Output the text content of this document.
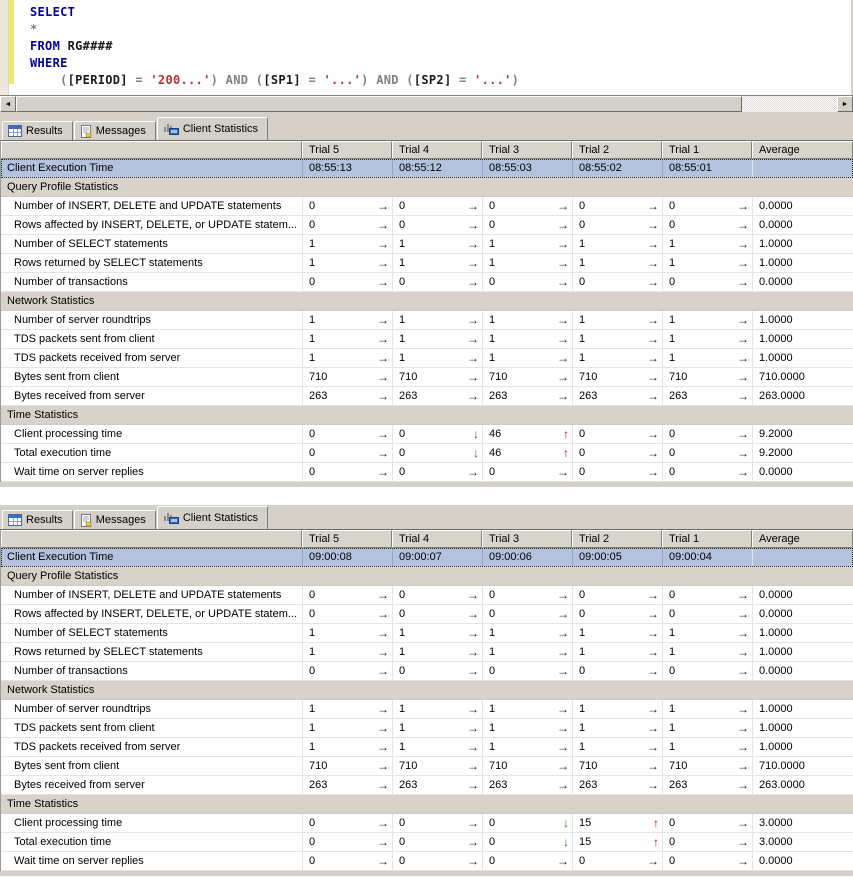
SELECT
*
FROM RG####
WHERE
([PERIOD] = '200...') AND ([SP1] = '...') AND ([SP2] = '...')
◄	►
Results	Messages	Client Statistics
Trial 5	Trial 4	Trial 3	Trial 2	Trial 1	Average
Client Execution Time	08:55:13	08:55:12	08:55:03	08:55:02	08:55:01
Query Profile Statistics
Number of INSERT, DELETE and UPDATE statements	0	→ 0	→ 0	→ 0	→ 0	→ 0.0000
Rows affected by INSERT, DELETE, or UPDATE statem...	0	→ 0	→ 0	→ 0	→ 0	→ 0.0000
Number of SELECT statements	1	→ 1	→ 1	→ 1	→ 1	→ 1.0000
Rows returned by SELECT statements	1	→ 1	→ 1	→ 1	→ 1	→ 1.0000
Number of transactions	0	→ 0	→ 0	→ 0	→ 0	→ 0.0000
Network Statistics
Number of server roundtrips	1	→ 1	→ 1	→ 1	→ 1	→ 1.0000
TDS packets sent from client	1	→ 1	→ 1	→ 1	→ 1	→ 1.0000
TDS packets received from server	1	→ 1	→ 1	→ 1	→ 1	→ 1.0000
Bytes sent from client	710	→ 710	→ 710	→ 710	→ 710	→ 710.0000
Bytes received from server	263	→ 263	→ 263	→ 263	→ 263	→ 263.0000
Time Statistics
Client processing time	0	→ 0	↓ 46	↑ 0	→ 0	→ 9.2000
Total execution time	0	→ 0	↓ 46	↑ 0	→ 0	→ 9.2000
Wait time on server replies	0	→ 0	→ 0	→ 0	→ 0	→ 0.0000
Results	Messages	Client Statistics
Trial 5	Trial 4	Trial 3	Trial 2	Trial 1	Average
Client Execution Time	09:00:08	09:00:07	09:00:06	09:00:05	09:00:04
Query Profile Statistics
Number of INSERT, DELETE and UPDATE statements	0	→ 0	→ 0	→ 0	→ 0	→ 0.0000
Rows affected by INSERT, DELETE, or UPDATE statem...	0	→ 0	→ 0	→ 0	→ 0	→ 0.0000
Number of SELECT statements	1	→ 1	→ 1	→ 1	→ 1	→ 1.0000
Rows returned by SELECT statements	1	→ 1	→ 1	→ 1	→ 1	→ 1.0000
Number of transactions	0	→ 0	→ 0	→ 0	→ 0	→ 0.0000
Network Statistics
Number of server roundtrips	1	→ 1	→ 1	→ 1	→ 1	→ 1.0000
TDS packets sent from client	1	→ 1	→ 1	→ 1	→ 1	→ 1.0000
TDS packets received from server	1	→ 1	→ 1	→ 1	→ 1	→ 1.0000
Bytes sent from client	710	→ 710	→ 710	→ 710	→ 710	→ 710.0000
Bytes received from server	263	→ 263	→ 263	→ 263	→ 263	→ 263.0000
Time Statistics
Client processing time	0	→ 0	→ 0	↓ 15	↑ 0	→ 3.0000
Total execution time	0	→ 0	→ 0	↓ 15	↑ 0	→ 3.0000
Wait time on server replies	0	→ 0	→ 0	→ 0	→ 0	→ 0.0000
